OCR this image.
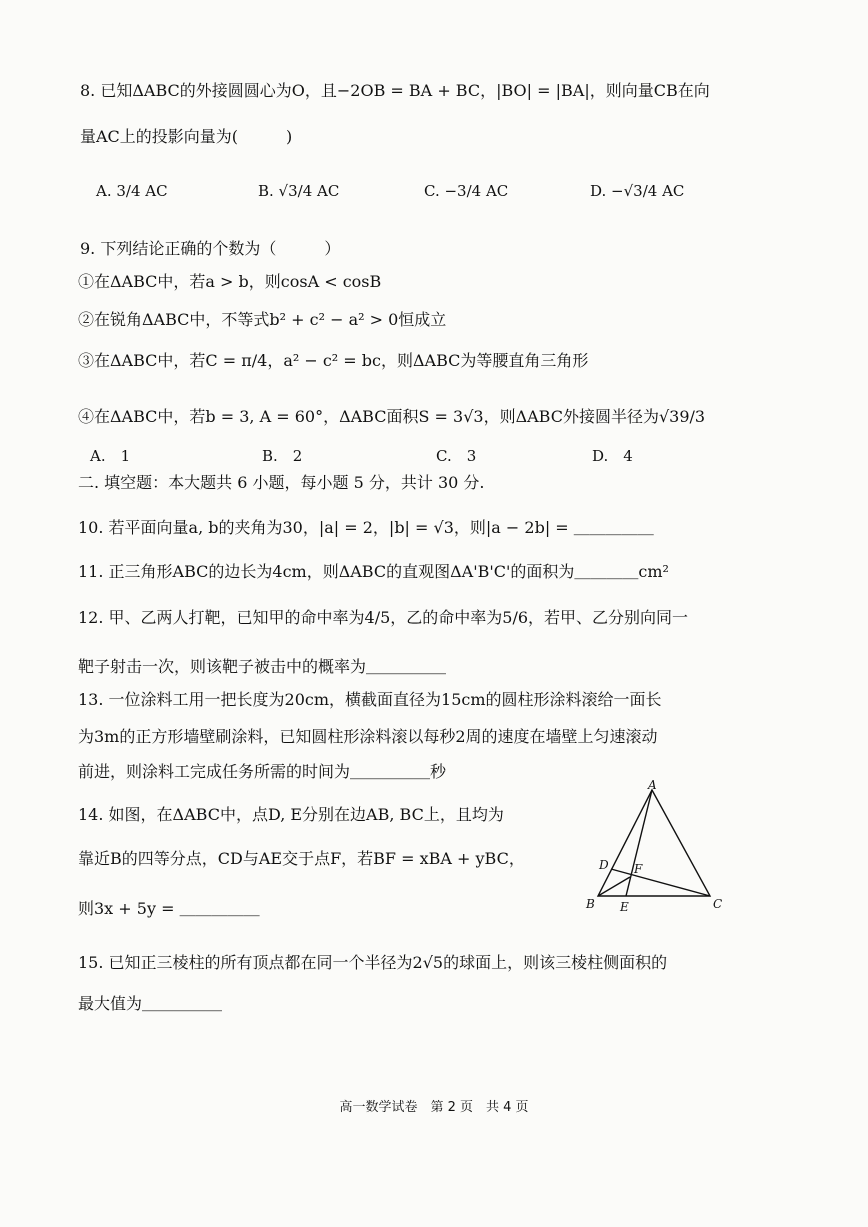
8. 已知ΔABC的外接圆圆心为O，且−2OB = BA + BC，|BO| = |BA|，则向量CB在向
量AC上的投影向量为(　　　)
A. 3/4 AC	B. √3/4 AC	C. −3/4 AC	D. −√3/4 AC
9. 下列结论正确的个数为（　　　）
①在ΔABC中，若a > b，则cosA < cosB
②在锐角ΔABC中，不等式b² + c² − a² > 0恒成立
③在ΔABC中，若C = π/4，a² − c² = bc，则ΔABC为等腰直角三角形
④在ΔABC中，若b = 3, A = 60°，ΔABC面积S = 3√3，则ΔABC外接圆半径为√39/3
A.　1	B.　2	C.　3	D.　4
二. 填空题：本大题共 6 小题，每小题 5 分，共计 30 分.
10. 若平面向量a, b的夹角为30，|a| = 2，|b| = √3，则|a − 2b| = ＿＿＿＿＿
11. 正三角形ABC的边长为4cm，则ΔABC的直观图ΔA'B'C'的面积为＿＿＿＿cm²
12. 甲、乙两人打靶，已知甲的命中率为4/5，乙的命中率为5/6，若甲、乙分别向同一
靶子射击一次，则该靶子被击中的概率为＿＿＿＿＿
13. 一位涂料工用一把长度为20cm，横截面直径为15cm的圆柱形涂料滚给一面长
为3m的正方形墙壁刷涂料，已知圆柱形涂料滚以每秒2周的速度在墙壁上匀速滚动
前进，则涂料工完成任务所需的时间为＿＿＿＿＿秒
14. 如图，在ΔABC中，点D, E分别在边AB, BC上，且均为
靠近B的四等分点，CD与AE交于点F，若BF = xBA + yBC，
则3x + 5y = ＿＿＿＿＿
A
B	C
D
E
F
15. 已知正三棱柱的所有顶点都在同一个半径为2√5的球面上，则该三棱柱侧面积的
最大值为＿＿＿＿＿
高一数学试卷　第 2 页　共 4 页
